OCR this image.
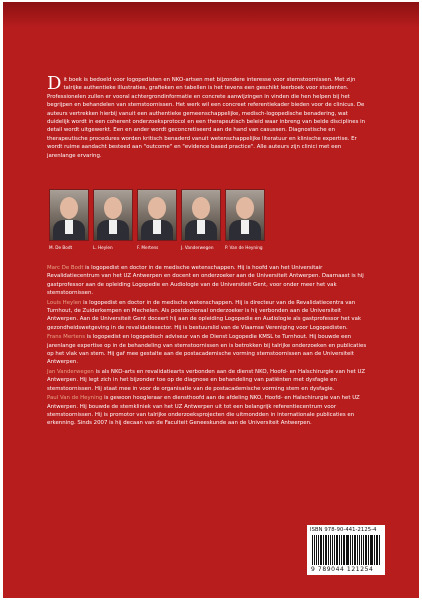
Dit boek is bedoeld voor logopedisten en NKO-artsen met bijzondere interesse voor stemstoornissen. Met zijn talrijke authentieke illustraties, grafieken en tabellen is het tevens een geschikt leerboek voor studenten. Professionelen zullen er vooral achtergrondinformatie en concrete aanwijzingen in vinden die hen helpen bij het begrijpen en behandelen van stemstoornissen. Het werk wil een concreet referentiekader bieden voor de clinicus. De auteurs vertrekken hierbij vanuit een authentieke gemeenschappelijke, medisch-logopedische benadering, wat duidelijk wordt in een coherent onderzoeksprotocol en een therapeutisch beleid waar inbreng van beide disciplines in detail wordt uitgewerkt. Een en ander wordt geconcretiseerd aan de hand van casussen. Diagnostische en therapeutische procedures worden kritisch benaderd vanuit wetenschappelijke literatuur en klinische expertise. Er wordt ruime aandacht besteed aan "outcome" en "evidence based practice". Alle auteurs zijn clinici met een jarenlange ervaring.
M. De Bodt	L. Heylen	F. Mertens	J. Vanderwegen	P. Van de Heyning

Marc De Bodt is logopedist en doctor in de medische wetenschappen. Hij is hoofd van het Universitair Revalidatiecentrum van het UZ Antwerpen en docent en onderzoeker aan de Universiteit Antwerpen. Daarnaast is hij gastprofessor aan de opleiding Logopedie en Audiologie van de Universiteit Gent, voor onder meer het vak stemstoornissen.

Louis Heylen is logopedist en doctor in de medische wetenschappen. Hij is directeur van de Revalidatiecentra van Turnhout, de Zuiderkempen en Mechelen. Als postdoctoraal onderzoeker is hij verbonden aan de Universiteit Antwerpen. Aan de Universiteit Gent doceert hij aan de opleiding Logopedie en Audiologie als gastprofessor het vak gezondheidswetgeving in de revalidatiesector. Hij is bestuurslid van de Vlaamse Vereniging voor Logopedisten.

Frans Mertens is logopedist en logopedisch adviseur van de Dienst Logopedie KMSL te Turnhout. Hij bouwde een jarenlange expertise op in de behandeling van stemstoornissen en is betrokken bij talrijke onderzoeken en publicaties op het vlak van stem. Hij gaf mee gestalte aan de postacademische vorming stemstoornissen aan de Universiteit Antwerpen.

Jan Vanderwegen is als NKO-arts en revalidatiearts verbonden aan de dienst NKO, Hoofd- en Halschirurgie van het UZ Antwerpen. Hij legt zich in het bijzonder toe op de diagnose en behandeling van patiënten met dysfagie en stemstoornissen. Hij staat mee in voor de organisatie van de postacademische vorming stem en dysfagie.

Paul Van de Heyning is gewoon hoogleraar en diensthoofd aan de afdeling NKO, Hoofd- en Halschirurgie van het UZ Antwerpen. Hij bouwde de stemkliniek van het UZ Antwerpen uit tot een belangrijk referentiecentrum voor stemstoornissen. Hij is promotor van talrijke onderzoeksprojecten die uitmondden in internationale publicaties en erkenning. Sinds 2007 is hij decaan van de Faculteit Geneeskunde aan de Universiteit Antwerpen.

ISBN 978-90-441-2125-4
9 789044 121254
